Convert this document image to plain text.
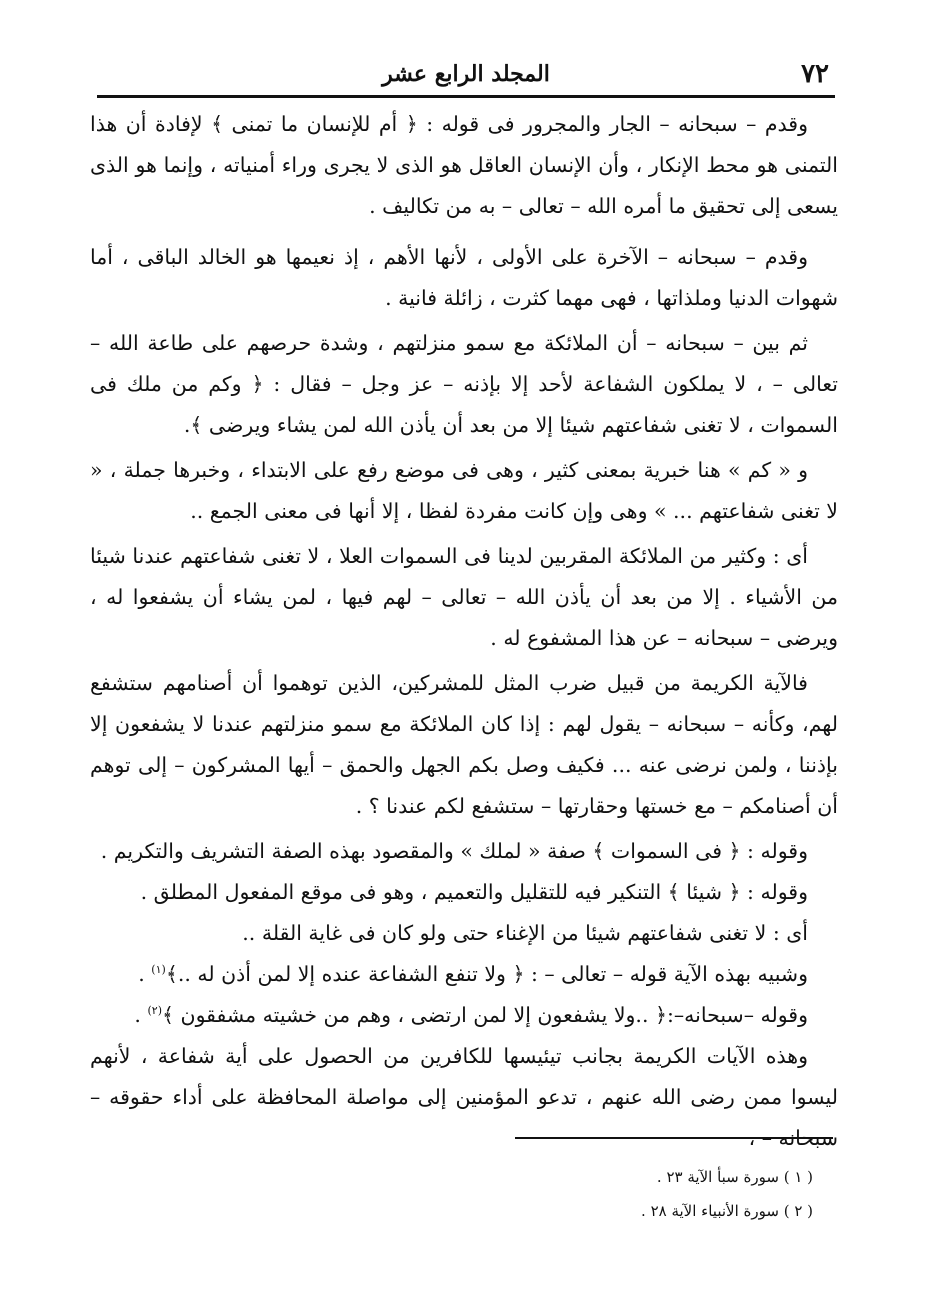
٧٢
المجلد الرابع عشر

وقدم – سبحانه – الجار والمجرور فى قوله : ﴿ أم للإنسان ما تمنى ﴾ لإفادة أن هذا التمنى هو محط الإنكار ، وأن الإنسان العاقل هو الذى لا يجرى وراء أمنياته ، وإنما هو الذى يسعى إلى تحقيق ما أمره الله – تعالى – به من تكاليف .

وقدم – سبحانه – الآخرة على الأولى ، لأنها الأهم ، إذ نعيمها هو الخالد الباقى ، أما شهوات الدنيا وملذاتها ، فهى مهما كثرت ، زائلة فانية .

ثم بين – سبحانه – أن الملائكة مع سمو منزلتهم ، وشدة حرصهم على طاعة الله – تعالى – ، لا يملكون الشفاعة لأحد إلا بإذنه – عز وجل – فقال : ﴿ وكم من ملك فى السموات ، لا تغنى شفاعتهم شيئا إلا من بعد أن يأذن الله لمن يشاء ويرضى ﴾.

و « كم » هنا خبرية بمعنى كثير ، وهى فى موضع رفع على الابتداء ، وخبرها جملة ، « لا تغنى شفاعتهم ... » وهى وإن كانت مفردة لفظا ، إلا أنها فى معنى الجمع ..

أى : وكثير من الملائكة المقربين لدينا فى السموات العلا ، لا تغنى شفاعتهم عندنا شيئا من الأشياء . إلا من بعد أن يأذن الله – تعالى – لهم فيها ، لمن يشاء أن يشفعوا له ، ويرضى – سبحانه – عن هذا المشفوع له .

فالآية الكريمة من قبيل ضرب المثل للمشركين، الذين توهموا أن أصنامهم ستشفع لهم، وكأنه – سبحانه – يقول لهم : إذا كان الملائكة مع سمو منزلتهم عندنا لا يشفعون إلا بإذننا ، ولمن نرضى عنه ... فكيف وصل بكم الجهل والحمق – أيها المشركون – إلى توهم أن أصنامكم – مع خستها وحقارتها – ستشفع لكم عندنا ؟ .

وقوله : ﴿ فى السموات ﴾ صفة « لملك » والمقصود بهذه الصفة التشريف والتكريم .

وقوله : ﴿ شيئا ﴾ التنكير فيه للتقليل والتعميم ، وهو فى موقع المفعول المطلق .

أى : لا تغنى شفاعتهم شيئا من الإغناء حتى ولو كان فى غاية القلة ..

وشبيه بهذه الآية قوله – تعالى – : ﴿ ولا تنفع الشفاعة عنده إلا لمن أذن له ..﴾$^{(١)}$ .

وقوله –سبحانه–:﴿ ..ولا يشفعون إلا لمن ارتضى ، وهم من خشيته مشفقون ﴾$^{(٢)}$ .

وهذه الآيات الكريمة بجانب تيئيسها للكافرين من الحصول على أية شفاعة ، لأنهم ليسوا ممن رضى الله عنهم ، تدعو المؤمنين إلى مواصلة المحافظة على أداء حقوقه – سبحانه – ،

( ١ ) سورة سبأ الآية ٢٣ .

( ٢ ) سورة الأنبياء الآية ٢٨ .
